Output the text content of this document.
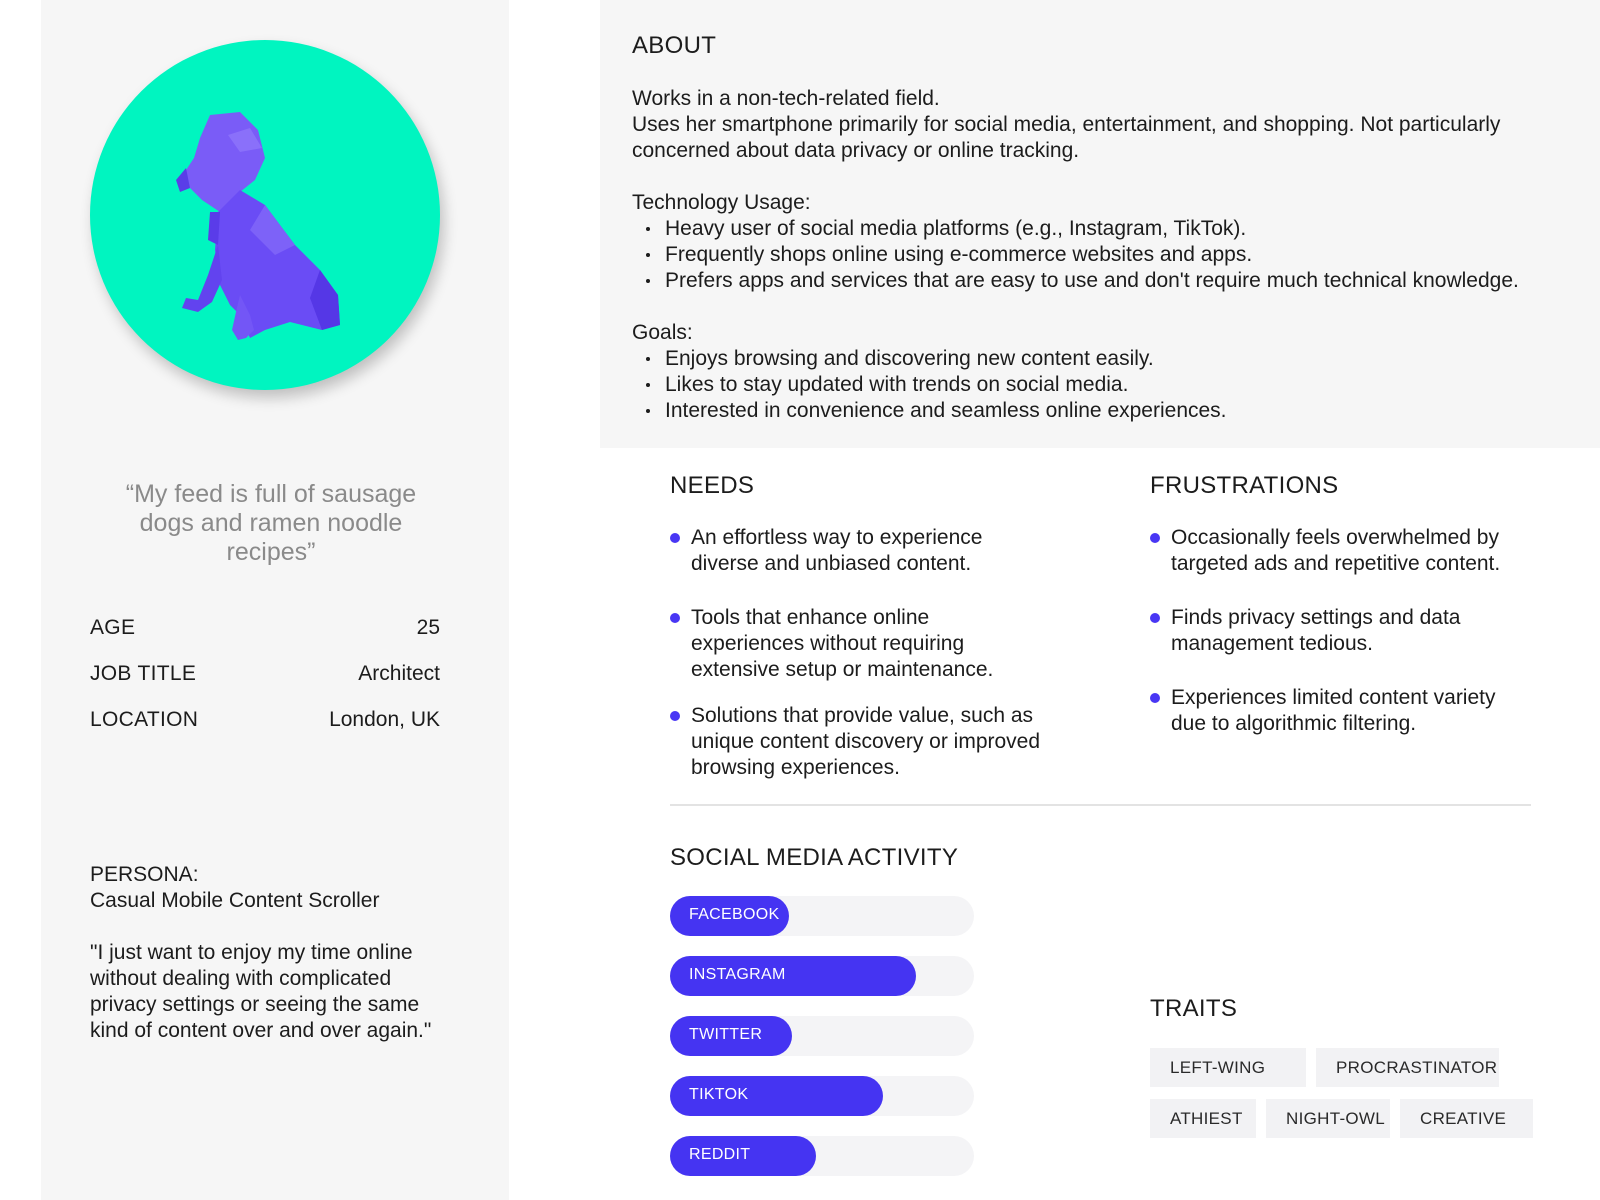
“My feed is full of sausage dogs and ramen noodle recipes”
AGE	25
JOB TITLE	Architect
LOCATION	London, UK
PERSONA:
Casual Mobile Content Scroller
"I just want to enjoy my time online without dealing with complicated privacy settings or seeing the same kind of content over and over again."
ABOUT
Works in a non-tech-related field.
Uses her smartphone primarily for social media, entertainment, and shopping. Not particularly concerned about data privacy or online tracking.
Technology Usage:
Heavy user of social media platforms (e.g., Instagram, TikTok).
Frequently shops online using e-commerce websites and apps.
Prefers apps and services that are easy to use and don't require much technical knowledge.
Goals:
Enjoys browsing and discovering new content easily.
Likes to stay updated with trends on social media.
Interested in convenience and seamless online experiences.
NEEDS
An effortless way to experience diverse and unbiased content.
Tools that enhance online experiences without requiring extensive setup or maintenance.
Solutions that provide value, such as unique content discovery or improved browsing experiences.
FRUSTRATIONS
Occasionally feels overwhelmed by targeted ads and repetitive content.
Finds privacy settings and data management tedious.
Experiences limited content variety due to algorithmic filtering.
SOCIAL MEDIA ACTIVITY
FACEBOOK
INSTAGRAM
TWITTER
TIKTOK
REDDIT
TRAITS
LEFT-WING	PROCRASTINATOR
ATHIEST	NIGHT-OWL	CREATIVE
